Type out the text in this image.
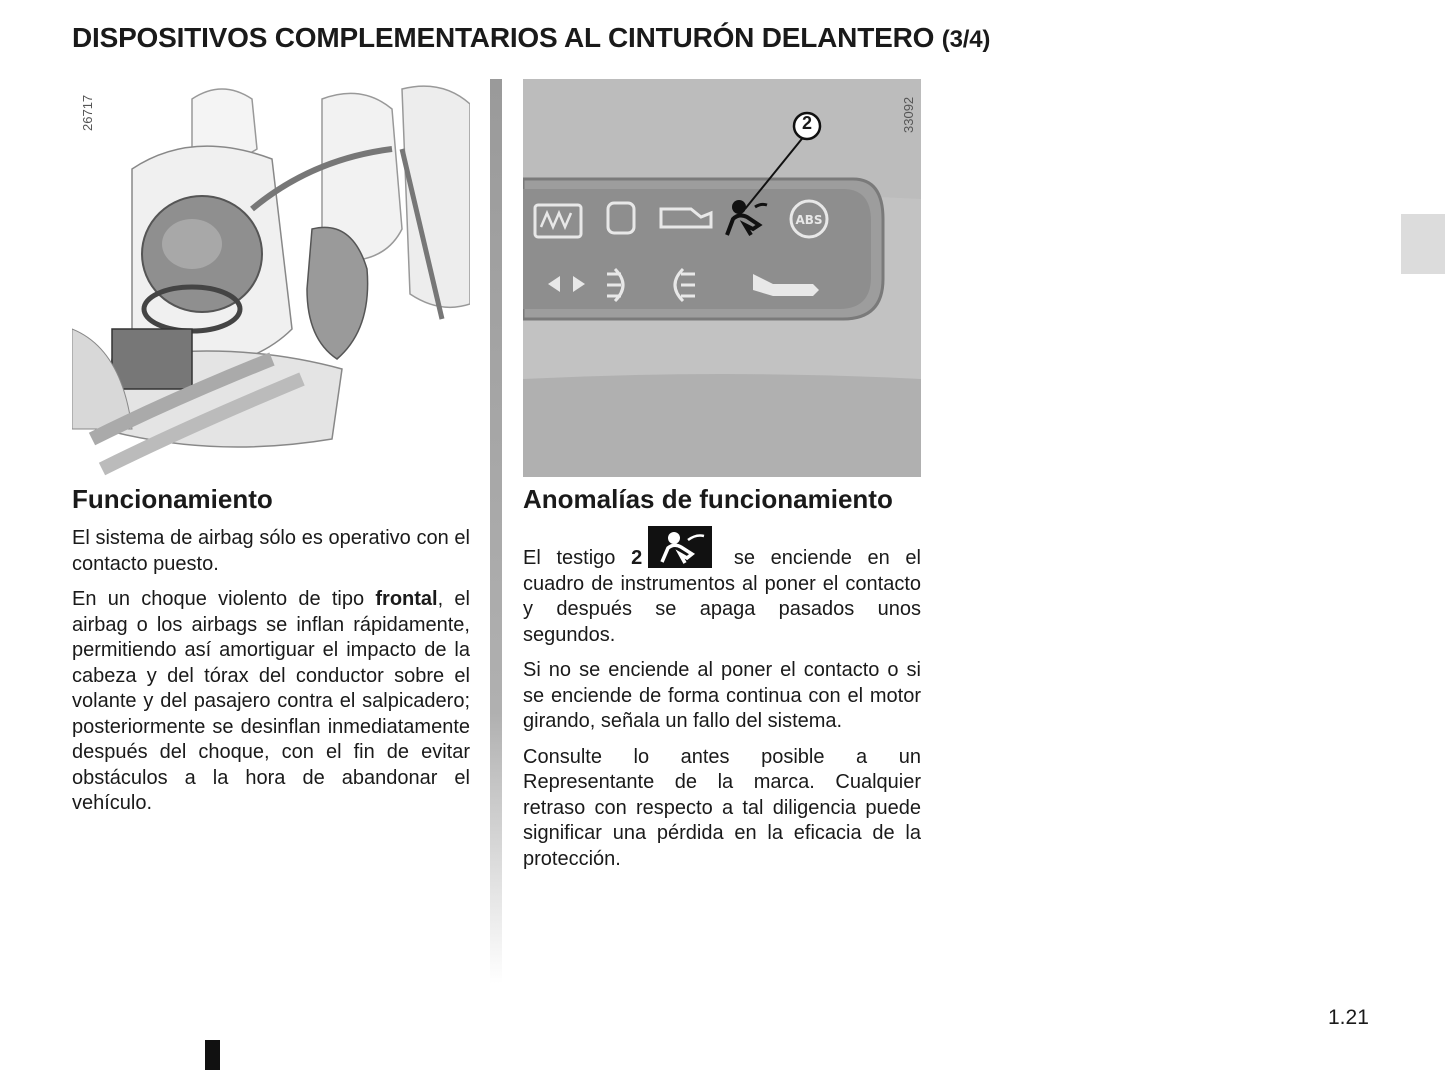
DISPOSITIVOS COMPLEMENTARIOS AL CINTURÓN DELANTERO (3/4)
26717
ABS
2	33092
Funcionamiento

El sistema de airbag sólo es operativo con el contacto puesto.

En un choque violento de tipo frontal, el airbag o los airbags se inflan rápidamente, permitiendo así amortiguar el impacto de la cabeza y del tórax del conductor sobre el volante y del pasajero contra el salpicadero; posteriormente se desinflan inmediatamente después del choque, con el fin de evitar obstáculos a la hora de abandonar el vehículo.

Anomalías de funcionamiento

El testigo 2	se enciende en el cuadro de instrumentos al poner el contacto y después se apaga pasados unos segundos.

Si no se enciende al poner el contacto o si se enciende de forma continua con el motor girando, señala un fallo del sistema.

Consulte lo antes posible a un Representante de la marca. Cualquier retraso con respecto a tal diligencia puede significar una pérdida en la eficacia de la protección.

1.21
